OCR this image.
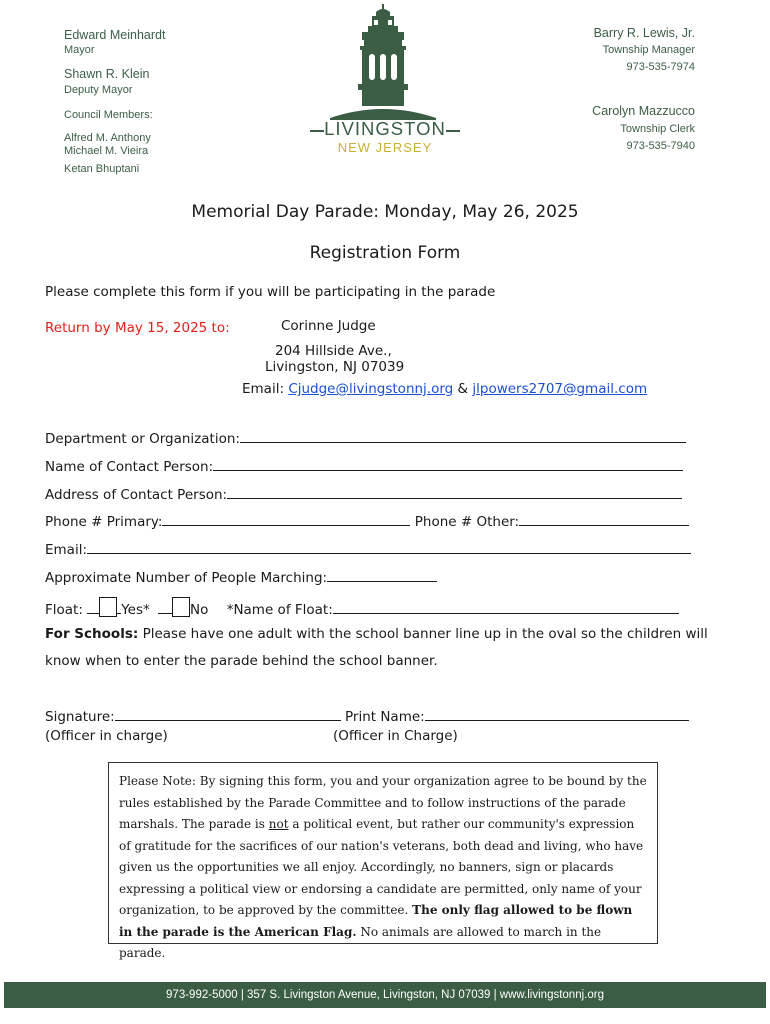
Edward Meinhardt
Mayor
Shawn R. Klein
Deputy Mayor
Council Members:
Alfred M. Anthony
Michael M. Vieira
Ketan Bhuptani
LIVINGSTON
NEW JERSEY
Barry R. Lewis, Jr.
Township Manager
973-535-7974
Carolyn Mazzucco
Township Clerk
973-535-7940
Memorial Day Parade: Monday, May 26, 2025
Registration Form
Please complete this form if you will be participating in the parade
Return by May 15, 2025 to:	Corinne Judge
204 Hillside Ave.,
Livingston, NJ 07039
Email: Cjudge@livingstonnj.org & jlpowers2707@gmail.com
Department or Organization:
Name of Contact Person:
Address of Contact Person:
Phone # Primary:	Phone # Other:
Email:
Approximate Number of People Marching:
Float:	Yes*	No *Name of Float:
For Schools: Please have one adult with the school banner line up in the oval so the children will
know when to enter the parade behind the school banner.
Signature:	Print Name:
(Officer in charge)	(Officer in Charge)
Please Note: By signing this form, you and your organization agree to be bound by the rules established by the Parade Committee and to follow instructions of the parade marshals. The parade is not a political event, but rather our community's expression of gratitude for the sacrifices of our nation's veterans, both dead and living, who have given us the opportunities we all enjoy. Accordingly, no banners, sign or placards expressing a political view or endorsing a candidate are permitted, only name of your organization, to be approved by the committee. The only flag allowed to be flown in the parade is the American Flag. No animals are allowed to march in the parade.
973-992-5000 | 357 S. Livingston Avenue, Livingston, NJ 07039 | www.livingstonnj.org
